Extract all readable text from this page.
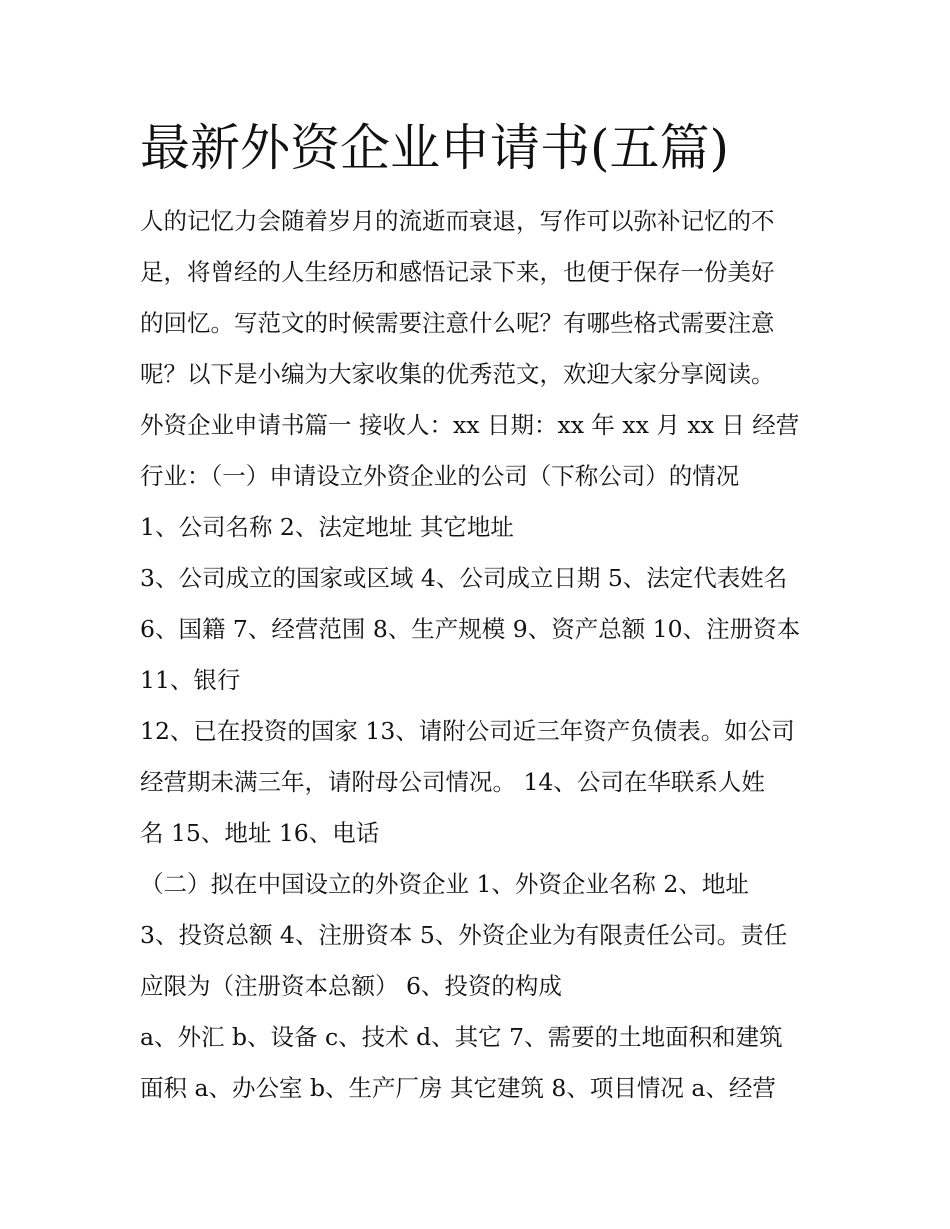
最新外资企业申请书(五篇)
人的记忆力会随着岁月的流逝而衰退，写作可以弥补记忆的不
足，将曾经的人生经历和感悟记录下来，也便于保存一份美好
的回忆。写范文的时候需要注意什么呢？有哪些格式需要注意
呢？以下是小编为大家收集的优秀范文，欢迎大家分享阅读。
外资企业申请书篇一 接收人：xx 日期：xx 年 xx 月 xx 日 经营
行业：（一）申请设立外资企业的公司（下称公司）的情况
1、公司名称 2、法定地址 其它地址
3、公司成立的国家或区域 4、公司成立日期 5、法定代表姓名
6、国籍 7、经营范围 8、生产规模 9、资产总额 10、注册资本
11、银行
12、已在投资的国家 13、请附公司近三年资产负债表。如公司
经营期未满三年，请附母公司情况。 14、公司在华联系人姓
名 15、地址 16、电话
（二）拟在中国设立的外资企业 1、外资企业名称 2、地址
3、投资总额 4、注册资本 5、外资企业为有限责任公司。责任
应限为（注册资本总额） 6、投资的构成
a、外汇 b、设备 c、技术 d、其它 7、需要的土地面积和建筑
面积 a、办公室 b、生产厂房 其它建筑 8、项目情况 a、经营
